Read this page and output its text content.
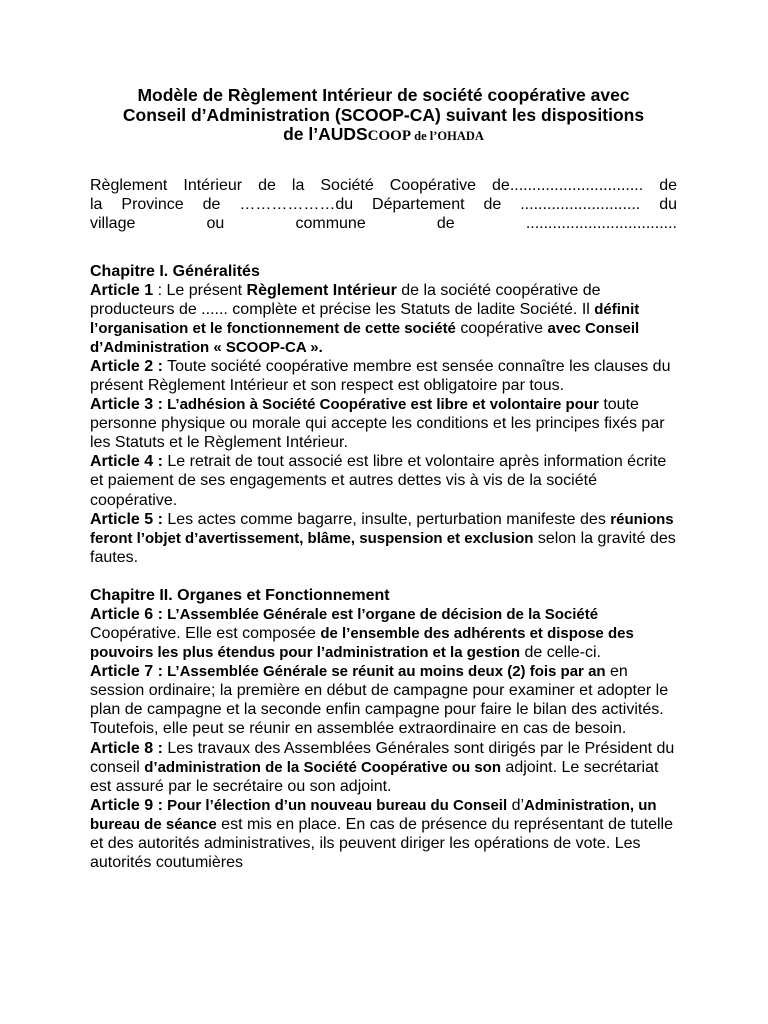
Modèle de Règlement Intérieur de société coopérative avec
Conseil d’Administration (SCOOP-CA) suivant les dispositions
de l’AUDSCOOP de l’OHADA
Règlement Intérieur de la Société Coopérative de.............................. de
la Province de ………………du Département de ........................... du
village	ou	commune	de	..................................
Chapitre I. Généralités

Article 1 : Le présent Règlement Intérieur de la société coopérative de producteurs de ...... complète et précise les Statuts de ladite Société. Il définit l’organisation et le fonctionnement de cette société coopérative avec Conseil d’Administration « SCOOP-CA ».

Article 2 : Toute société coopérative membre est sensée connaître les clauses du présent Règlement Intérieur et son respect est obligatoire par tous.

Article 3 : L’adhésion à Société Coopérative est libre et volontaire pour toute personne physique ou morale qui accepte les conditions et les principes fixés par les Statuts et le Règlement Intérieur.

Article 4 : Le retrait de tout associé est libre et volontaire après information écrite et paiement de ses engagements et autres dettes vis à vis de la société coopérative.

Article 5 : Les actes comme bagarre, insulte, perturbation manifeste des réunions feront l’objet d’avertissement, blâme, suspension et exclusion selon la gravité des fautes.

Chapitre II. Organes et Fonctionnement

Article 6 : L’Assemblée Générale est l’organe de décision de la Société Coopérative. Elle est composée de l’ensemble des adhérents et dispose des pouvoirs les plus étendus pour l’administration et la gestion de celle-ci.

Article 7 : L’Assemblée Générale se réunit au moins deux (2) fois par an en session ordinaire; la première en début de campagne pour examiner et adopter le plan de campagne et la seconde enfin campagne pour faire le bilan des activités. Toutefois, elle peut se réunir en assemblée extraordinaire en cas de besoin.

Article 8 : Les travaux des Assemblées Générales sont dirigés par le Président du conseil d’administration de la Société Coopérative ou son adjoint. Le secrétariat est assuré par le secrétaire ou son adjoint.

Article 9 : Pour l’élection d’un nouveau bureau du Conseil d’Administration, un bureau de séance est mis en place. En cas de présence du représentant de tutelle et des autorités administratives, ils peuvent diriger les opérations de vote. Les autorités coutumières
